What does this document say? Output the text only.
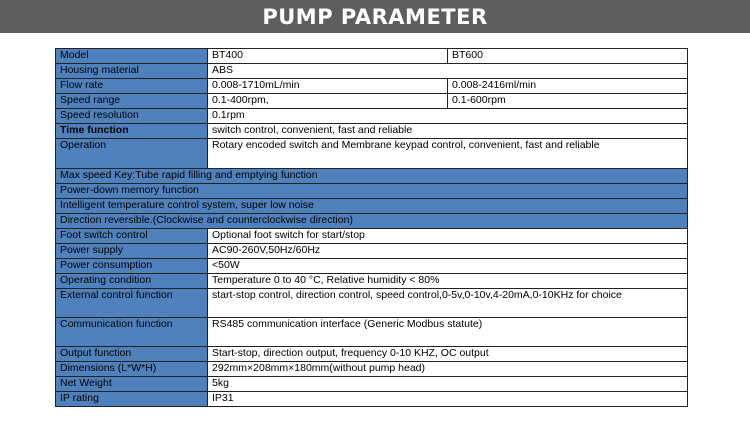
PUMP PARAMETER
Model	BT400	BT600
Housing material	ABS	
Flow rate	0.008-1710mL/min	0.008-2416ml/min
Speed range	0.1-400rpm,	0.1-600rpm
Speed resolution	0.1rpm	
Time function	switch control, convenient, fast and reliable	
Operation	Rotary encoded switch and Membrane keypad control, convenient, fast and reliable	
Max speed Key:Tube rapid filling and emptying function		
Power-down memory function		
Intelligent temperature control system, super low noise		
Direction reversible.(Clockwise and counterclockwise direction)		
Foot switch control	Optional foot switch for start/stop	
Power supply	AC90-260V,50Hz/60Hz	
Power consumption	<50W	
Operating condition	Temperature 0 to 40 °C, Relative humidity < 80%	
External control function	start-stop control, direction control, speed control,0-5v,0-10v,4-20mA,0-10KHz for choice	
Communication function	RS485 communication interface (Generic Modbus statute)	
Output function	Start-stop, direction output, frequency 0-10 KHZ, OC output	
Dimensions (L*W*H)	292mm×208mm×180mm(without pump head)	
Net Weight	5kg	
IP rating	IP31	
